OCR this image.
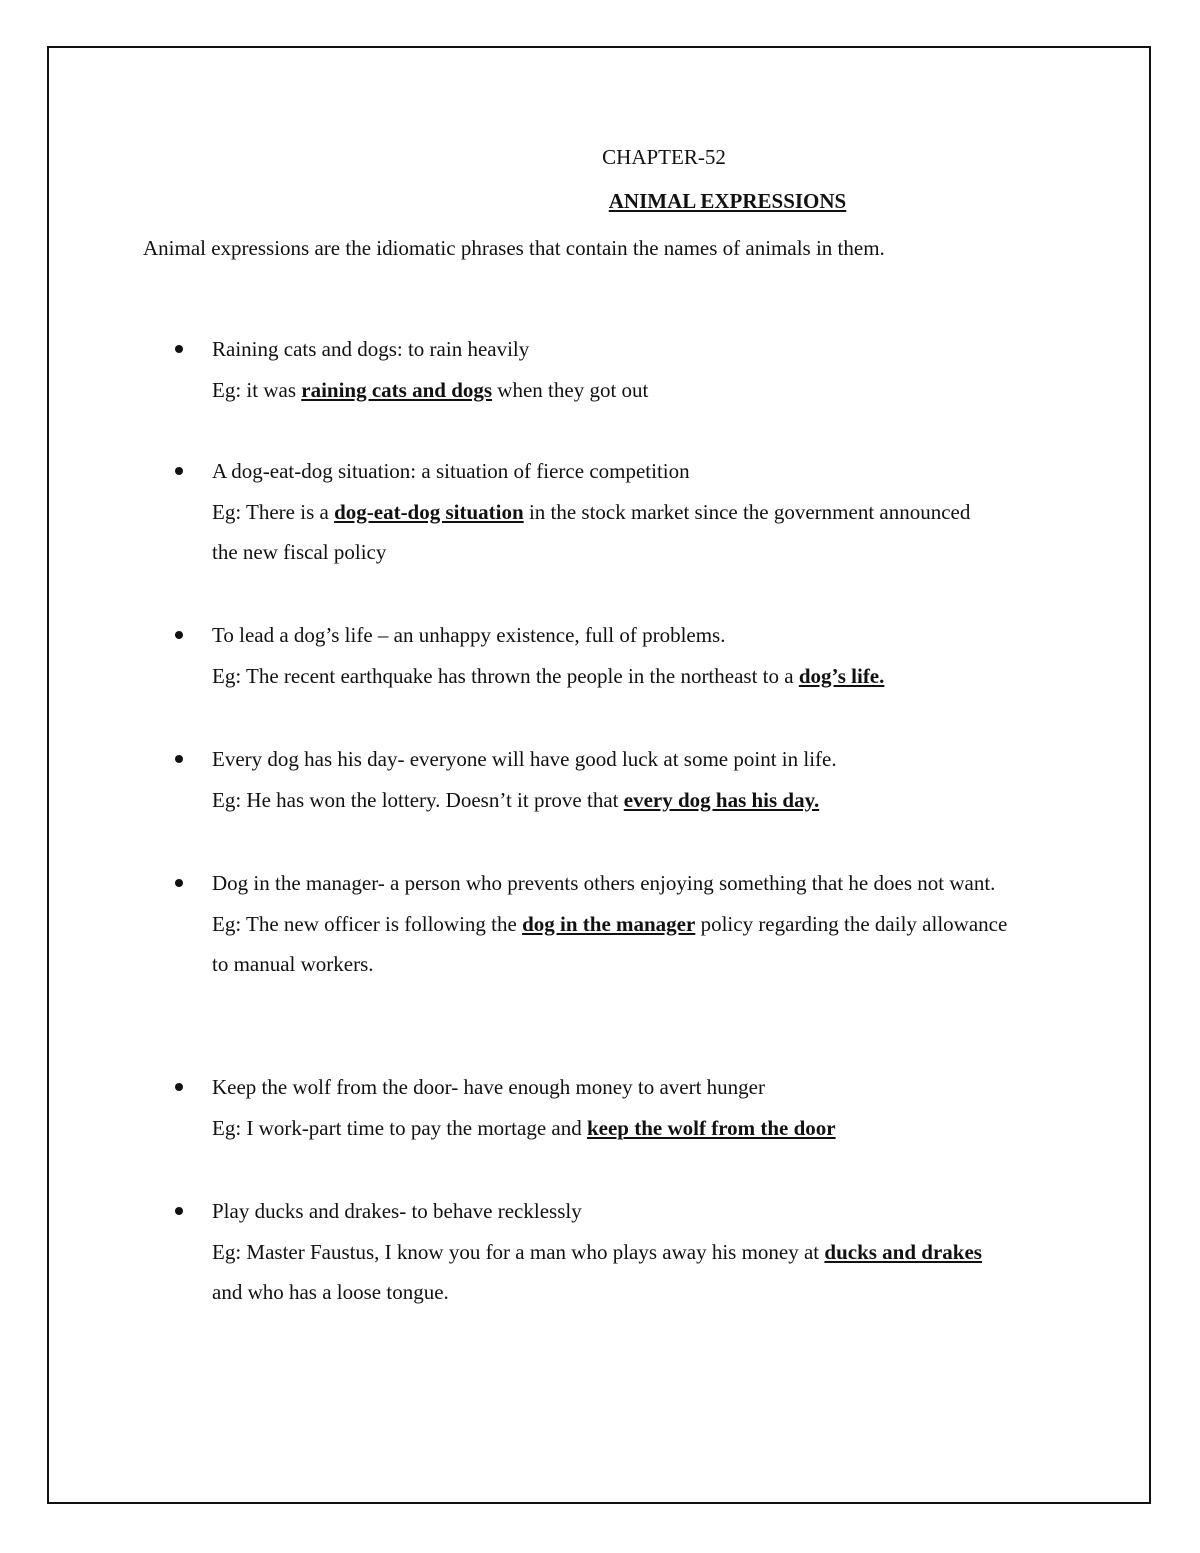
CHAPTER-52
ANIMAL EXPRESSIONS
Animal expressions are the idiomatic phrases that contain the names of animals in them.

Raining cats and dogs: to rain heavily

Eg: it was raining cats and dogs when they got out

A dog-eat-dog situation: a situation of fierce competition

Eg: There is a dog-eat-dog situation in the stock market since the government announced the new fiscal policy

To lead a dog’s life – an unhappy existence, full of problems.

Eg: The recent earthquake has thrown the people in the northeast to a dog’s life.

Every dog has his day- everyone will have good luck at some point in life.

Eg: He has won the lottery. Doesn’t it prove that every dog has his day.

Dog in the manager- a person who prevents others enjoying something that he does not want.

Eg: The new officer is following the dog in the manager policy regarding the daily allowance to manual workers.

Keep the wolf from the door- have enough money to avert hunger

Eg: I work-part time to pay the mortage and keep the wolf from the door

Play ducks and drakes- to behave recklessly

Eg: Master Faustus, I know you for a man who plays away his money at ducks and drakes and who has a loose tongue.
